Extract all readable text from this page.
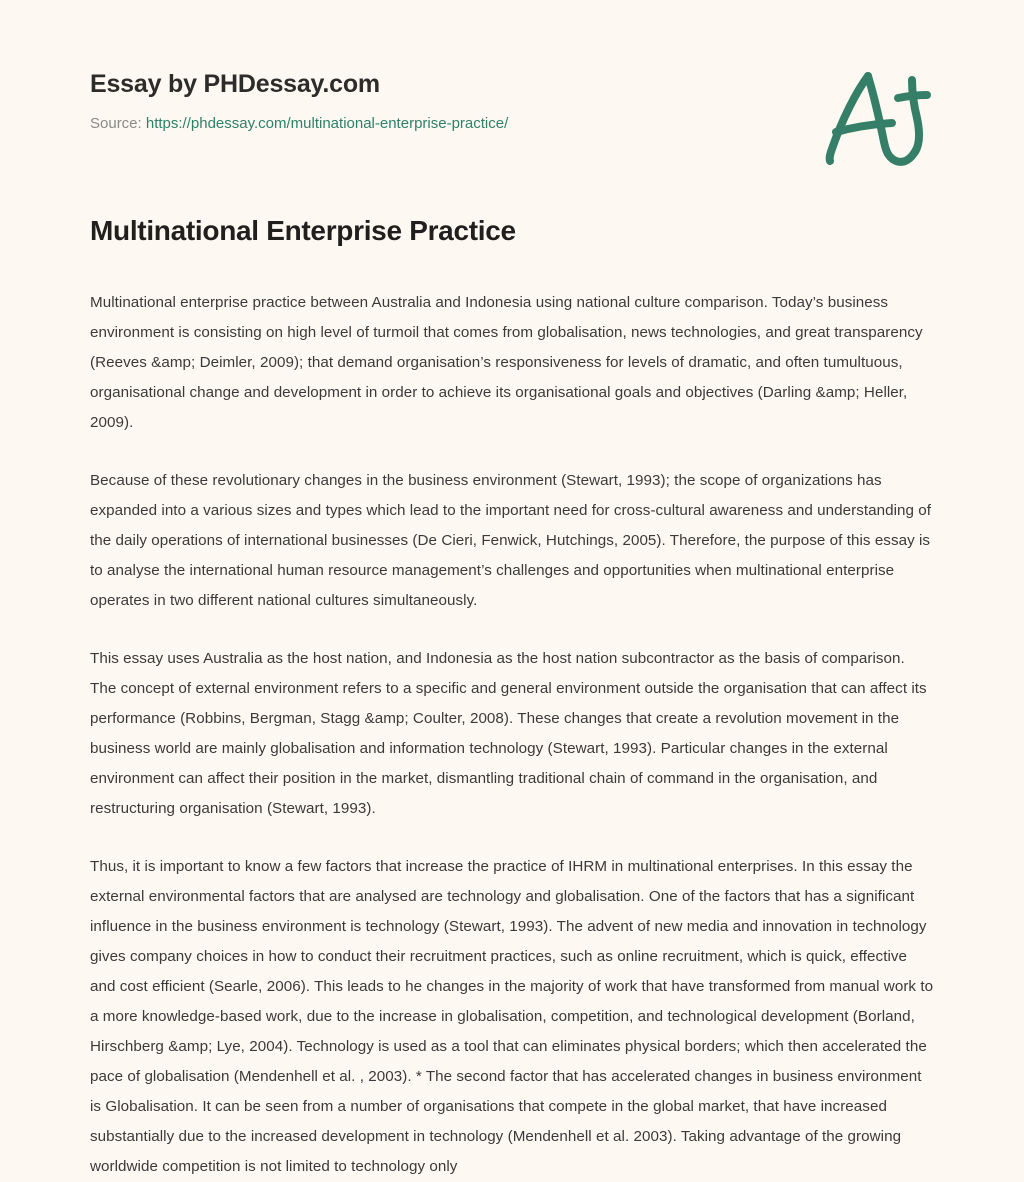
Essay by PHDessay.com
Source: https://phdessay.com/multinational-enterprise-practice/
Multinational Enterprise Practice

Multinational enterprise practice between Australia and Indonesia using national culture comparison. Today’s business environment is consisting on high level of turmoil that comes from globalisation, news technologies, and great transparency (Reeves &amp; Deimler, 2009); that demand organisation’s responsiveness for levels of dramatic, and often tumultuous, organisational change and development in order to achieve its organisational goals and objectives (Darling &amp; Heller, 2009).

Because of these revolutionary changes in the business environment (Stewart, 1993); the scope of organizations has expanded into a various sizes and types which lead to the important need for cross-cultural awareness and understanding of the daily operations of international businesses (De Cieri, Fenwick, Hutchings, 2005). Therefore, the purpose of this essay is to analyse the international human resource management’s challenges and opportunities when multinational enterprise operates in two different national cultures simultaneously.

This essay uses Australia as the host nation, and Indonesia as the host nation subcontractor as the basis of comparison. The concept of external environment refers to a specific and general environment outside the organisation that can affect its performance (Robbins, Bergman, Stagg &amp; Coulter, 2008). These changes that create a revolution movement in the business world are mainly globalisation and information technology (Stewart, 1993). Particular changes in the external environment can affect their position in the market, dismantling traditional chain of command in the organisation, and restructuring organisation (Stewart, 1993).

Thus, it is important to know a few factors that increase the practice of IHRM in multinational enterprises. In this essay the external environmental factors that are analysed are technology and globalisation. One of the factors that has a significant influence in the business environment is technology (Stewart, 1993). The advent of new media and innovation in technology gives company choices in how to conduct their recruitment practices, such as online recruitment, which is quick, effective and cost efficient (Searle, 2006). This leads to he changes in the majority of work that have transformed from manual work to a more knowledge-based work, due to the increase in globalisation, competition, and technological development (Borland, Hirschberg &amp; Lye, 2004). Technology is used as a tool that can eliminates physical borders; which then accelerated the pace of globalisation (Mendenhell et al. , 2003). * The second factor that has accelerated changes in business environment is Globalisation. It can be seen from a number of organisations that compete in the global market, that have increased substantially due to the increased development in technology (Mendenhell et al. 2003). Taking advantage of the growing worldwide competition is not limited to technology only
